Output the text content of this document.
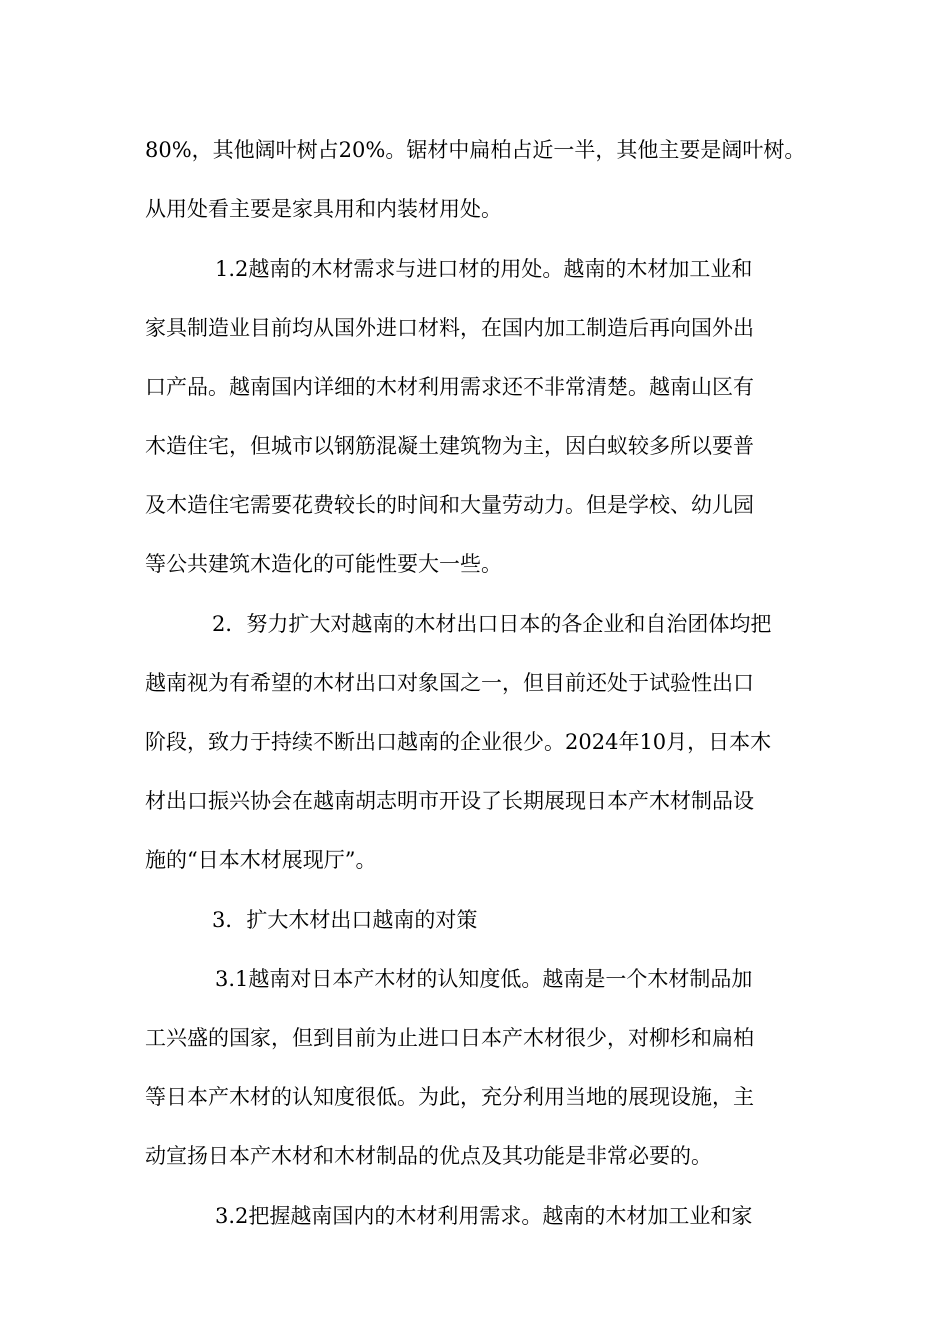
80%，其他阔叶树占20%。锯材中扁柏占近一半，其他主要是阔叶树。
从用处看主要是家具用和内装材用处。
1.2越南的木材需求与进口材的用处。越南的木材加工业和
家具制造业目前均从国外进口材料，在国内加工制造后再向国外出
口产品。越南国内详细的木材利用需求还不非常清楚。越南山区有
木造住宅，但城市以钢筋混凝土建筑物为主，因白蚁较多所以要普
及木造住宅需要花费较长的时间和大量劳动力。但是学校、幼儿园
等公共建筑木造化的可能性要大一些。
2．努力扩大对越南的木材出口日本的各企业和自治团体均把
越南视为有希望的木材出口对象国之一，但目前还处于试验性出口
阶段，致力于持续不断出口越南的企业很少。2024年10月，日本木
材出口振兴协会在越南胡志明市开设了长期展现日本产木材制品设
施的“日本木材展现厅”。
3．扩大木材出口越南的对策
3.1越南对日本产木材的认知度低。越南是一个木材制品加
工兴盛的国家，但到目前为止进口日本产木材很少，对柳杉和扁柏
等日本产木材的认知度很低。为此，充分利用当地的展现设施，主
动宣扬日本产木材和木材制品的优点及其功能是非常必要的。
3.2把握越南国内的木材利用需求。越南的木材加工业和家
